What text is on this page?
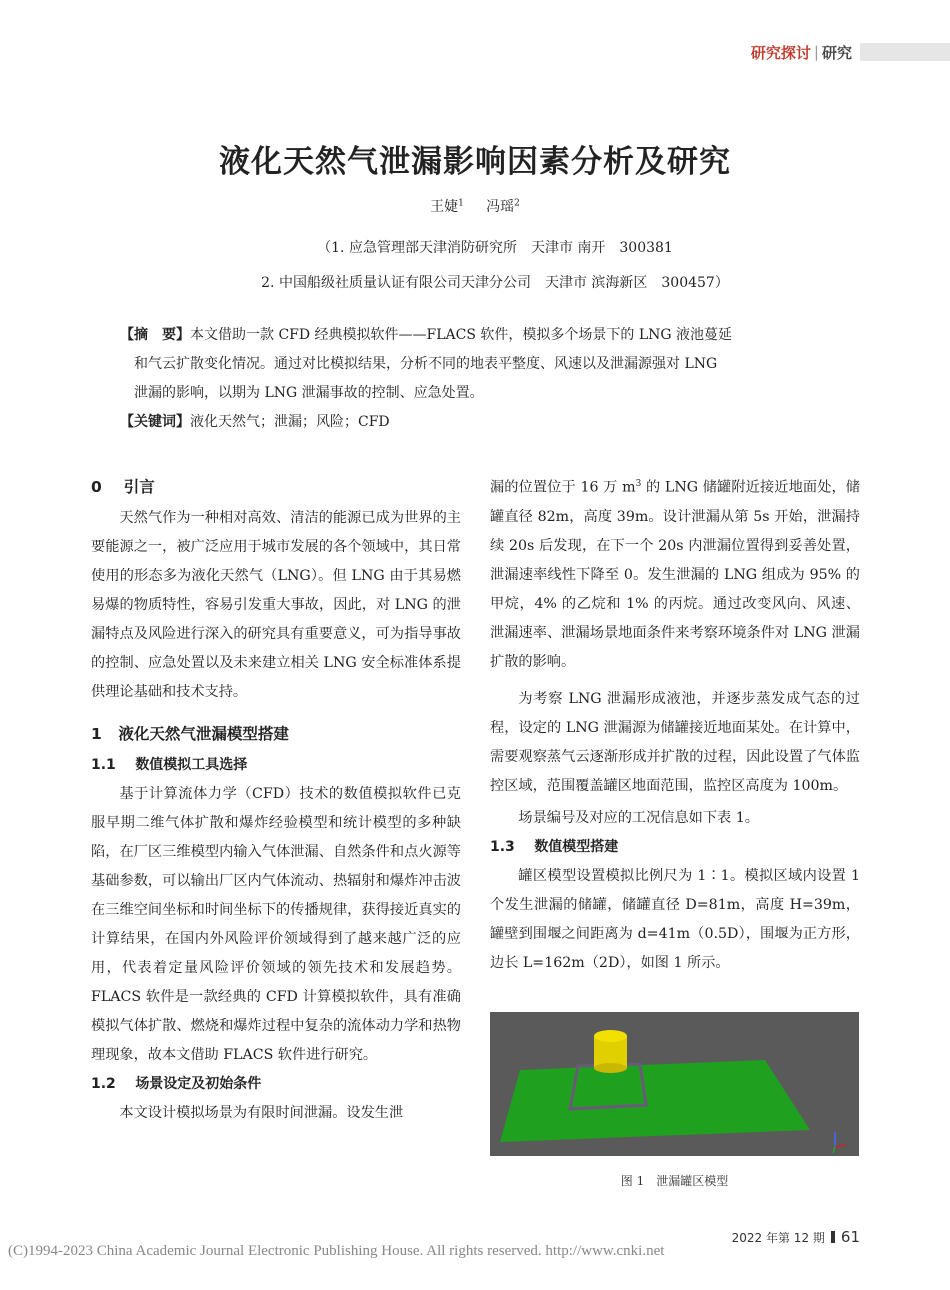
研究探讨 | 研究
液化天然气泄漏影响因素分析及研究
王婕$^1$ 冯瑶$^2$
（1. 应急管理部天津消防研究所　天津市 南开　300381
2. 中国船级社质量认证有限公司天津分公司　天津市 滨海新区　300457）
【摘　要】本文借助一款 CFD 经典模拟软件——FLACS 软件，模拟多个场景下的 LNG 液池蔓延
和气云扩散变化情况。通过对比模拟结果，分析不同的地表平整度、风速以及泄漏源强对 LNG
泄漏的影响，以期为 LNG 泄漏事故的控制、应急处置。
【关键词】液化天然气；泄漏；风险；CFD
0 引言

天然气作为一种相对高效、清洁的能源已成为世界的主要能源之一，被广泛应用于城市发展的各个领域中，其日常使用的形态多为液化天然气（LNG）。但 LNG 由于其易燃易爆的物质特性，容易引发重大事故，因此，对 LNG 的泄漏特点及风险进行深入的研究具有重要意义，可为指导事故的控制、应急处置以及未来建立相关 LNG 安全标准体系提供理论基础和技术支持。

1 液化天然气泄漏模型搭建
1.1 数值模拟工具选择

基于计算流体力学（CFD）技术的数值模拟软件已克服早期二维气体扩散和爆炸经验模型和统计模型的多种缺陷，在厂区三维模型内输入气体泄漏、自然条件和点火源等基础参数，可以输出厂区内气体流动、热辐射和爆炸冲击波在三维空间坐标和时间坐标下的传播规律，获得接近真实的计算结果，在国内外风险评价领域得到了越来越广泛的应用，代表着定量风险评价领域的领先技术和发展趋势。FLACS 软件是一款经典的 CFD 计算模拟软件，具有准确模拟气体扩散、燃烧和爆炸过程中复杂的流体动力学和热物理现象，故本文借助 FLACS 软件进行研究。

1.2 场景设定及初始条件

本文设计模拟场景为有限时间泄漏。设发生泄

漏的位置位于 16 万 $m^3$ 的 LNG 储罐附近接近地面处，储罐直径 82m，高度 39m。设计泄漏从第 5s 开始，泄漏持续 20s 后发现，在下一个 20s 内泄漏位置得到妥善处置，泄漏速率线性下降至 0。发生泄漏的 LNG 组成为 95% 的甲烷，4% 的乙烷和 1% 的丙烷。通过改变风向、风速、泄漏速率、泄漏场景地面条件来考察环境条件对 LNG 泄漏扩散的影响。

为考察 LNG 泄漏形成液池，并逐步蒸发成气态的过程，设定的 LNG 泄漏源为储罐接近地面某处。在计算中，需要观察蒸气云逐渐形成并扩散的过程，因此设置了气体监控区域，范围覆盖罐区地面范围，监控区高度为 100m。

场景编号及对应的工况信息如下表 1。

1.3 数值模型搭建

罐区模型设置模拟比例尺为 1∶1。模拟区域内设置 1 个发生泄漏的储罐，储罐直径 D=81m，高度 H=39m，罐壁到围堰之间距离为 d=41m（0.5D），围堰为正方形，边长 L=162m（2D），如图 1 所示。

图 1　泄漏罐区模型
2022 年第 12 期 61
(C)1994-2023 China Academic Journal Electronic Publishing House. All rights reserved. http://www.cnki.net
